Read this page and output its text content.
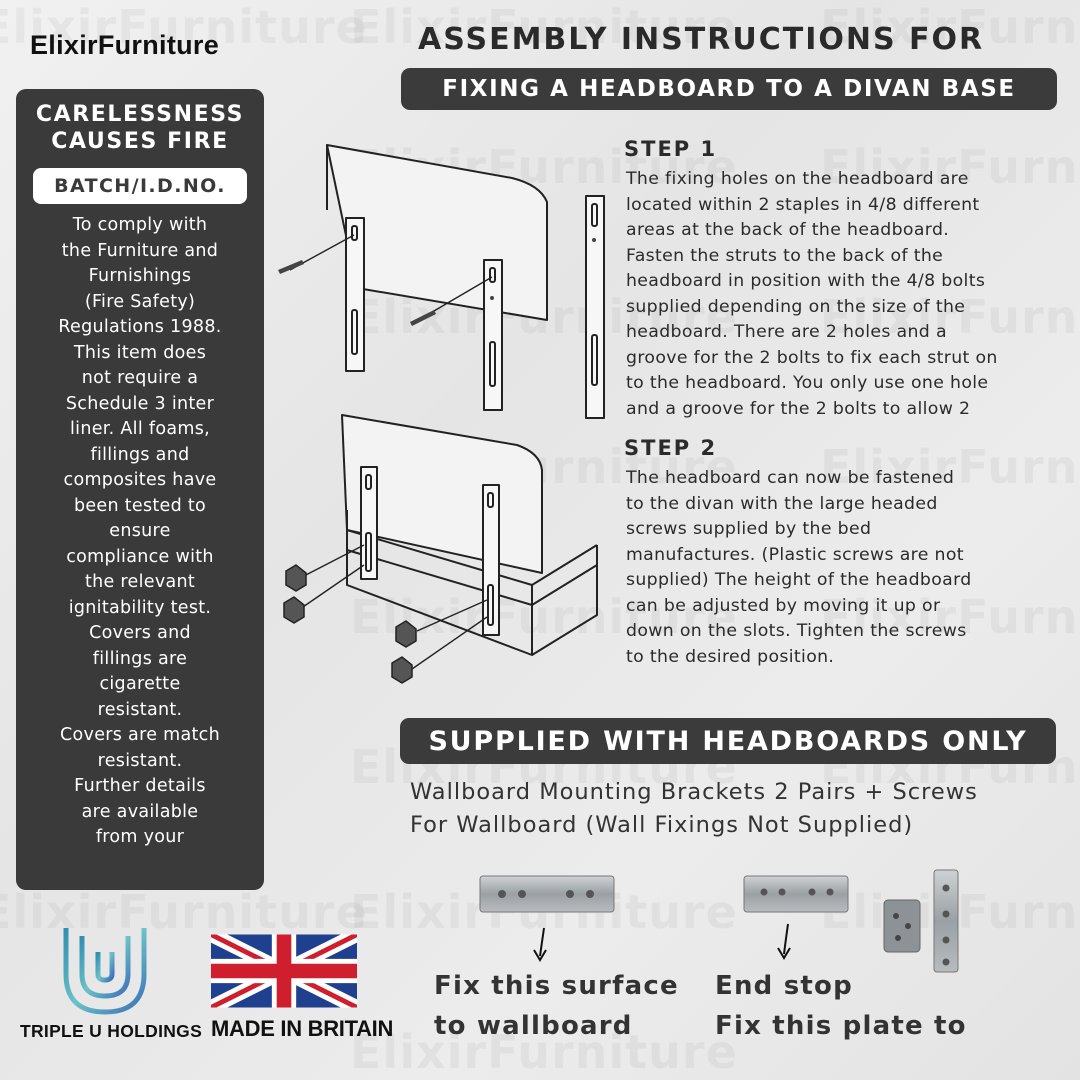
ElixirFurniture	ASSEMBLY INSTRUCTIONS FOR
FIXING A HEADBOARD TO A DIVAN BASE
CARELESSNESS
CAUSES FIRE
BATCH/I.D.NO.
To comply with
the Furniture and
Furnishings
(Fire Safety)
Regulations 1988.
This item does
not require a
Schedule 3 inter
liner. All foams,
fillings and
composites have
been tested to
ensure
compliance with
the relevant
ignitability test.
Covers and
fillings are
cigarette
resistant.
Covers are match
resistant.
Further details
are available
from your
STEP 1
The fixing holes on the headboard are
located within 2 staples in 4/8 different
areas at the back of the headboard.
Fasten the struts to the back of the
headboard in position with the 4/8 bolts
supplied depending on the size of the
headboard. There are 2 holes and a
groove for the 2 bolts to fix each strut on
to the headboard. You only use one hole
and a groove for the 2 bolts to allow 2
STEP 2
The headboard can now be fastened
to the divan with the large headed
screws supplied by the bed
manufactures. (Plastic screws are not
supplied) The height of the headboard
can be adjusted by moving it up or
down on the slots. Tighten the screws
to the desired position.
SUPPLIED WITH HEADBOARDS ONLY
Wallboard Mounting Brackets 2 Pairs + Screws
For Wallboard (Wall Fixings Not Supplied)
Fix this surface
to wallboard
End stop
Fix this plate to
TRIPLE U HOLDINGS MADE IN BRITAIN
